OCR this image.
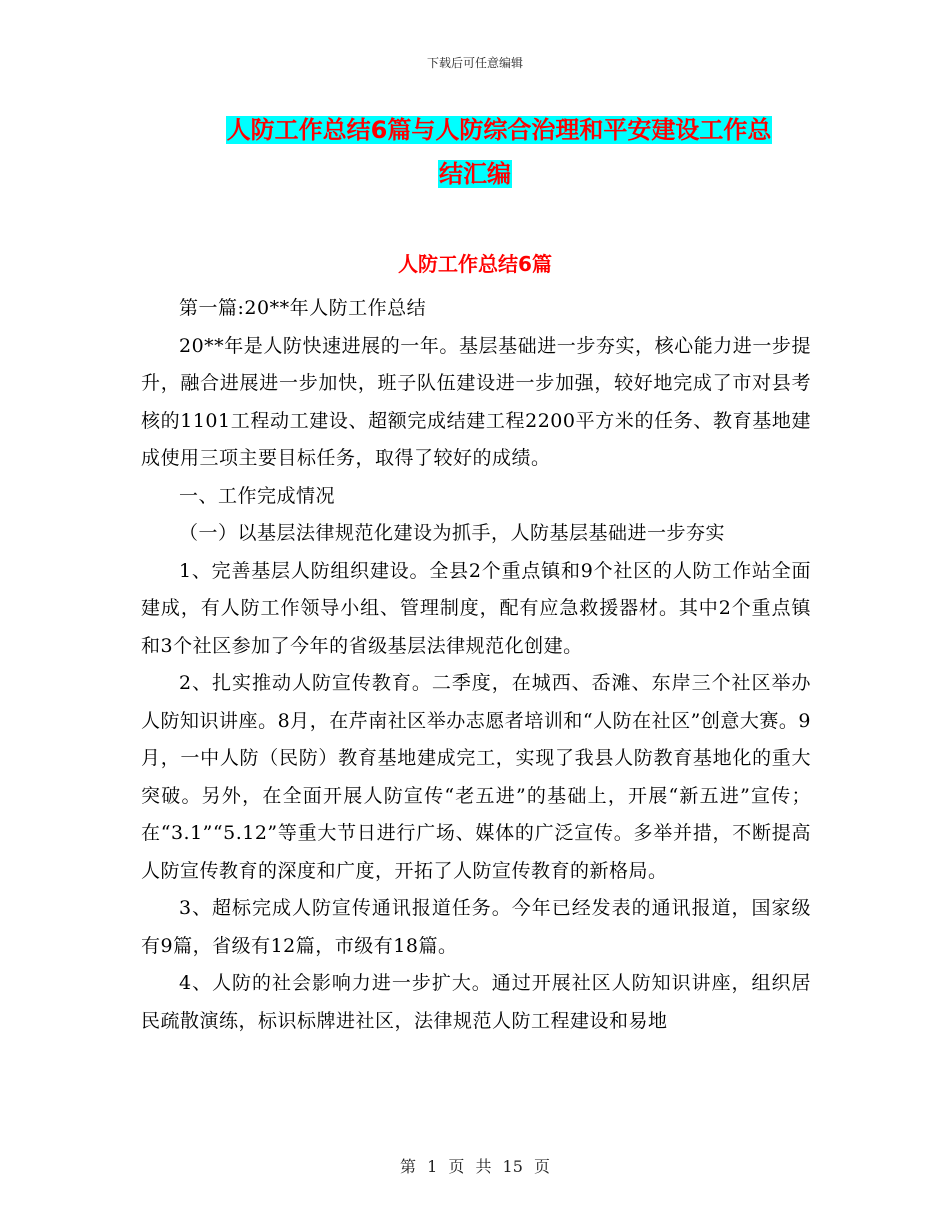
下载后可任意编辑
人防工作总结6篇与人防综合治理和平安建设工作总
结汇编
人防工作总结6篇

第一篇:20**年人防工作总结

20**年是人防快速进展的一年。基层基础进一步夯实，核心能力进一步提升，融合进展进一步加快，班子队伍建设进一步加强，较好地完成了市对县考核的1101工程动工建设、超额完成结建工程2200平方米的任务、教育基地建成使用三项主要目标任务，取得了较好的成绩。

一、工作完成情况

（一）以基层法律规范化建设为抓手，人防基层基础进一步夯实

1、完善基层人防组织建设。全县2个重点镇和9个社区的人防工作站全面建成，有人防工作领导小组、管理制度，配有应急救援器材。其中2个重点镇和3个社区参加了今年的省级基层法律规范化创建。

2、扎实推动人防宣传教育。二季度，在城西、岙滩、东岸三个社区举办人防知识讲座。8月，在芹南社区举办志愿者培训和“人防在社区”创意大赛。9月，一中人防（民防）教育基地建成完工，实现了我县人防教育基地化的重大突破。另外，在全面开展人防宣传“老五进”的基础上，开展“新五进”宣传；在“3.1”“5.12”等重大节日进行广场、媒体的广泛宣传。多举并措，不断提高人防宣传教育的深度和广度，开拓了人防宣传教育的新格局。

3、超标完成人防宣传通讯报道任务。今年已经发表的通讯报道，国家级有9篇，省级有12篇，市级有18篇。

4、人防的社会影响力进一步扩大。通过开展社区人防知识讲座，组织居民疏散演练，标识标牌进社区，法律规范人防工程建设和易地

第 1 页 共 15 页
